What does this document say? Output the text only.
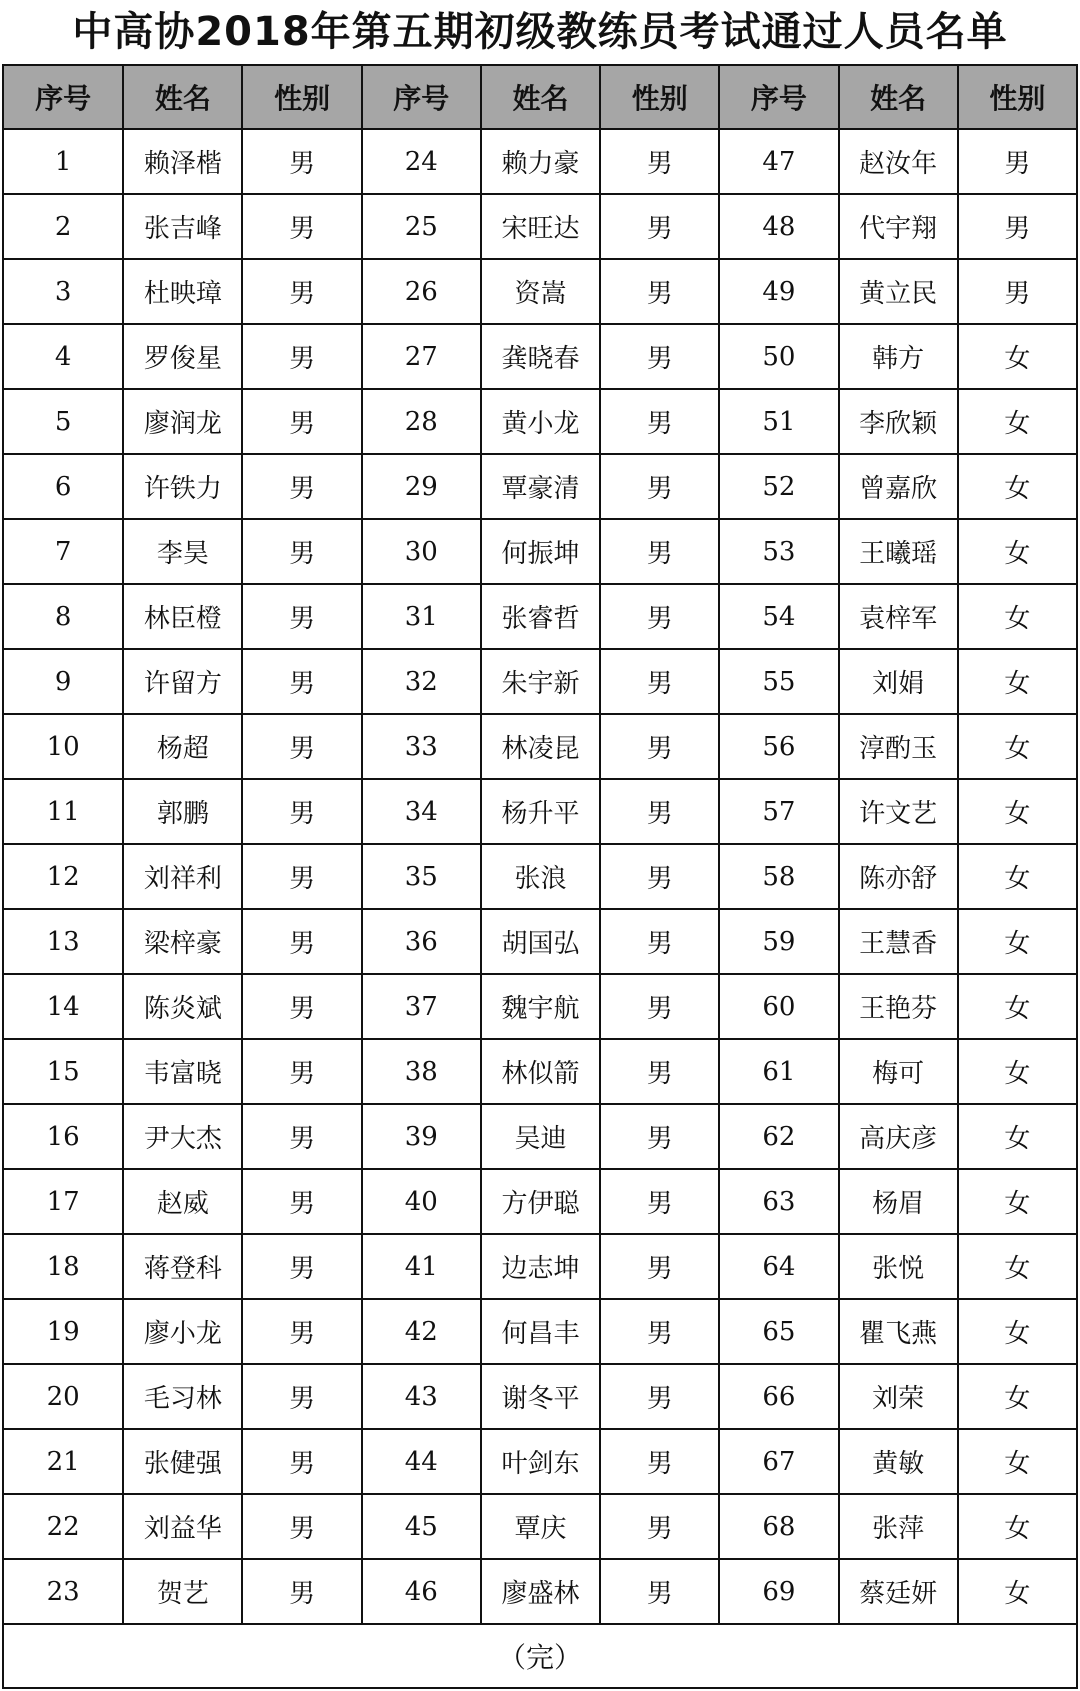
中高协2018年第五期初级教练员考试通过人员名单
序号	姓名	性别	序号	姓名	性别	序号	姓名	性别
1	赖泽楷	男	24	赖力豪	男	47	赵汝年	男
2	张吉峰	男	25	宋旺达	男	48	代宇翔	男
3	杜映璋	男	26	资嵩	男	49	黄立民	男
4	罗俊星	男	27	龚晓春	男	50	韩方	女
5	廖润龙	男	28	黄小龙	男	51	李欣颖	女
6	许铁力	男	29	覃豪清	男	52	曾嘉欣	女
7	李昊	男	30	何振坤	男	53	王曦瑶	女
8	林臣橙	男	31	张睿哲	男	54	袁梓军	女
9	许留方	男	32	朱宇新	男	55	刘娟	女
10	杨超	男	33	林凌昆	男	56	淳酌玉	女
11	郭鹏	男	34	杨升平	男	57	许文艺	女
12	刘祥利	男	35	张浪	男	58	陈亦舒	女
13	梁梓豪	男	36	胡国弘	男	59	王慧香	女
14	陈炎斌	男	37	魏宇航	男	60	王艳芬	女
15	韦富晓	男	38	林似箭	男	61	梅可	女
16	尹大杰	男	39	吴迪	男	62	高庆彦	女
17	赵威	男	40	方伊聪	男	63	杨眉	女
18	蒋登科	男	41	边志坤	男	64	张悦	女
19	廖小龙	男	42	何昌丰	男	65	瞿飞燕	女
20	毛习林	男	43	谢冬平	男	66	刘荣	女
21	张健强	男	44	叶剑东	男	67	黄敏	女
22	刘益华	男	45	覃庆	男	68	张萍	女
23	贺艺	男	46	廖盛林	男	69	蔡廷妍	女
（完）								
